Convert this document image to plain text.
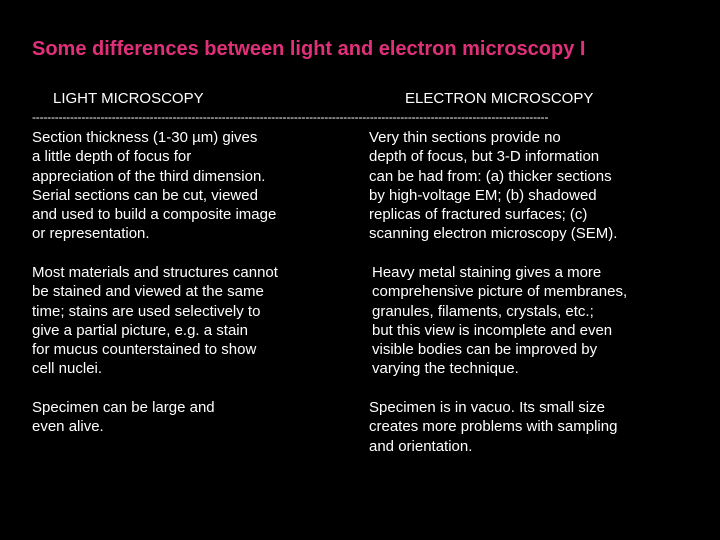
Some differences between light and electron microscopy I
LIGHT MICROSCOPY	ELECTRON MICROSCOPY
----------------------------------------------------------------------------------------------------------------------------------------
Section thickness (1-30 µm) gives
a little depth of focus for
appreciation of the third dimension.
Serial sections can be cut, viewed
and used to build a composite image
or representation.
Very thin sections provide no
depth of focus, but 3-D information
can be had from: (a) thicker sections
by high-voltage EM; (b) shadowed
replicas of fractured surfaces; (c)
scanning electron microscopy (SEM).
Most materials and structures cannot
be stained and viewed at the same
time; stains are used selectively to
give a partial picture, e.g. a stain
for mucus counterstained to show
cell nuclei.
Heavy metal staining gives a more
comprehensive picture of membranes,
granules, filaments, crystals, etc.;
but this view is incomplete and even
visible bodies can be improved by
varying the technique.
Specimen can be large and
even alive.
Specimen is in vacuo. Its small size
creates more problems with sampling
and orientation.
